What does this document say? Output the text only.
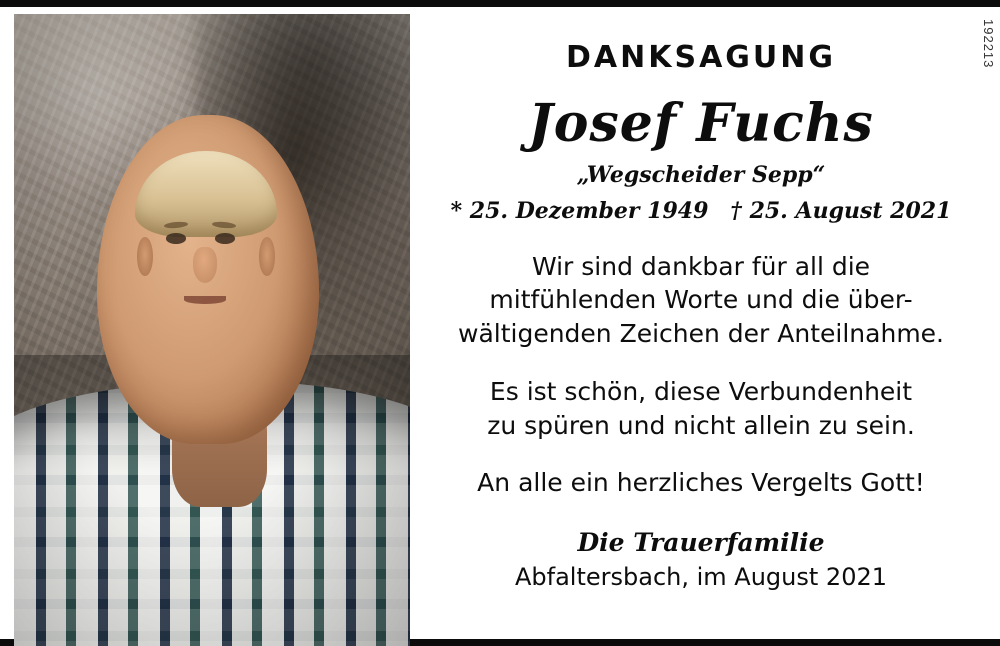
DANKSAGUNG
Josef Fuchs
„Wegscheider Sepp“
* 25. Dezember 1949 † 25. August 2021
Wir sind dankbar für all die
mitfühlenden Worte und die über-
wältigenden Zeichen der Anteilnahme.
Es ist schön, diese Verbundenheit
zu spüren und nicht allein zu sein.
An alle ein herzliches Vergelts Gott!
Die Trauerfamilie
Abfaltersbach, im August 2021
192213
